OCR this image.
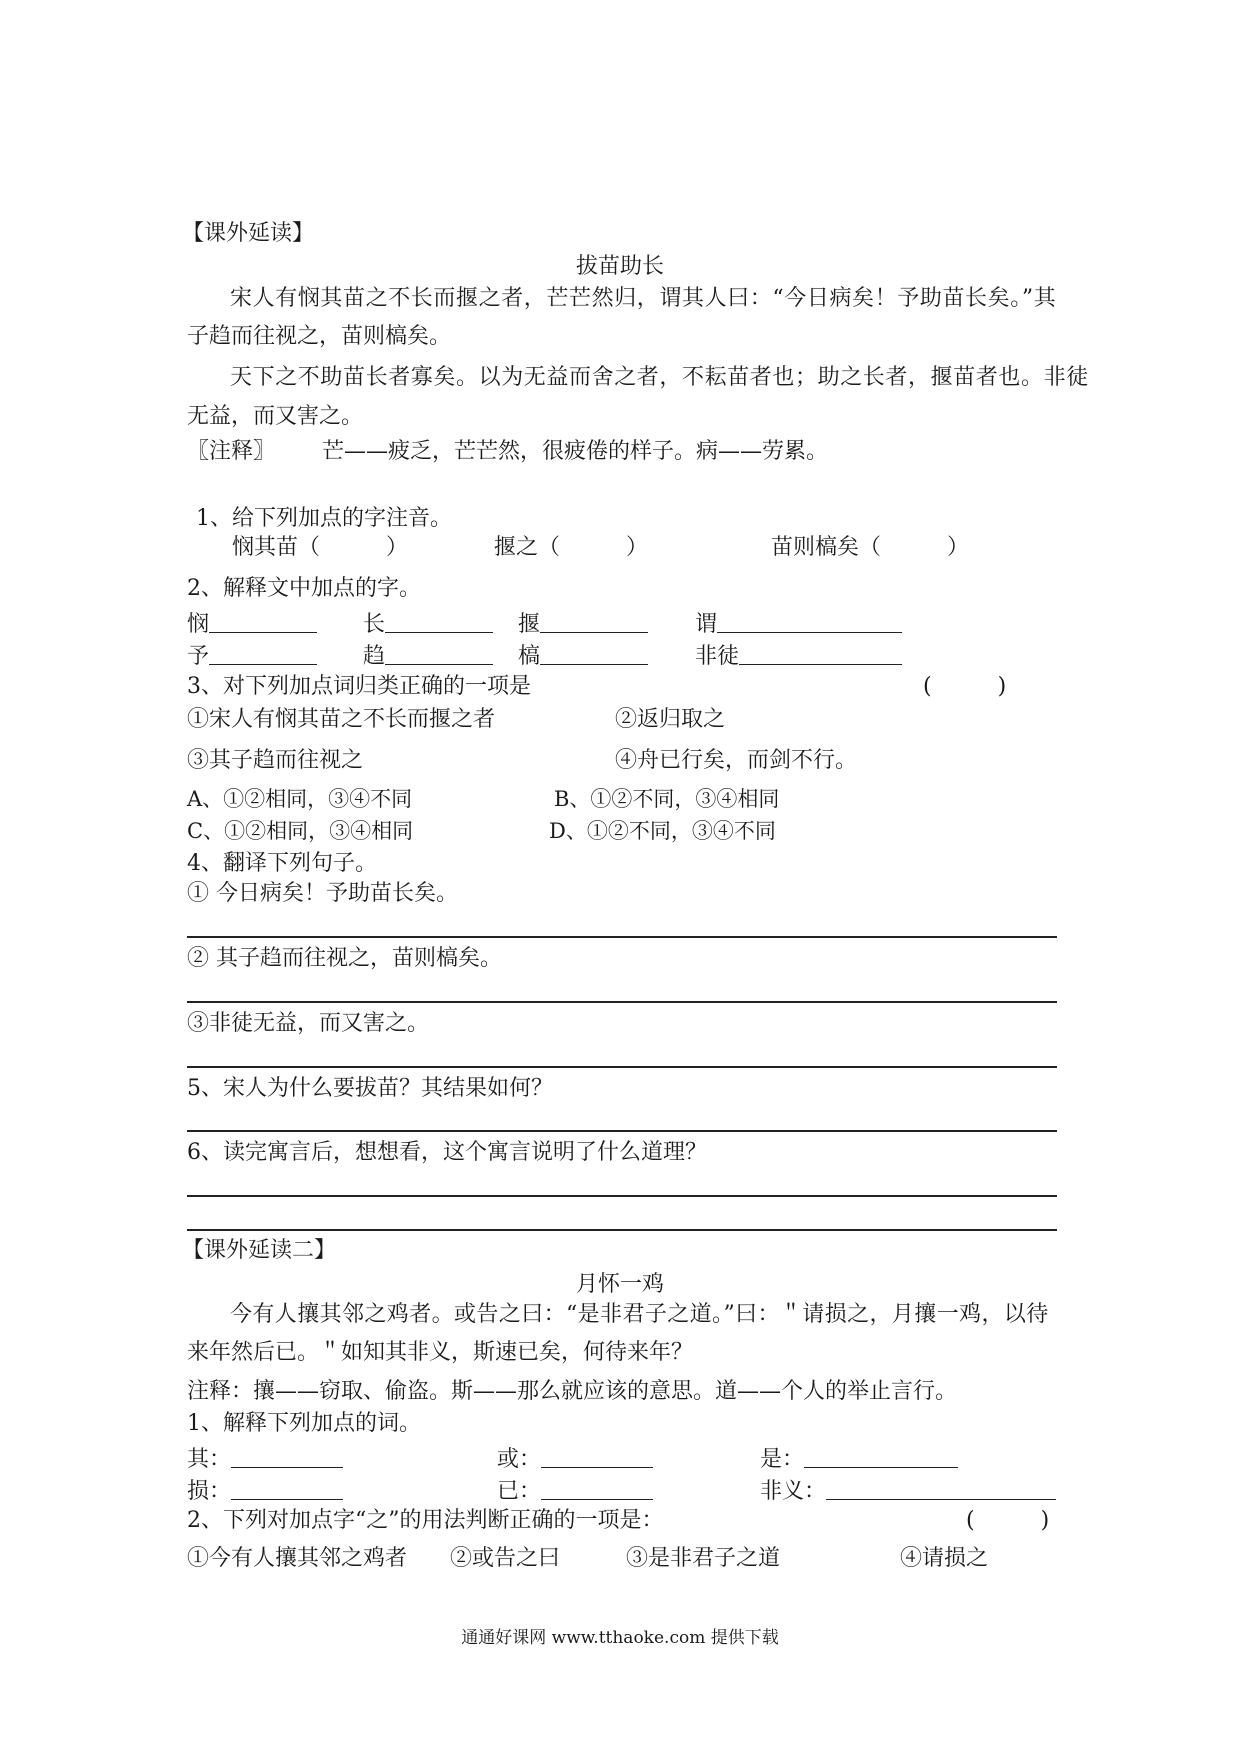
【课外延读】
拔苗助长
宋人有悯其苗之不长而揠之者，芒芒然归，谓其人曰：“今日病矣！予助苗长矣。”其
子趋而往视之，苗则槁矣。
天下之不助苗长者寡矣。以为无益而舍之者，不耘苗者也；助之长者，揠苗者也。非徒
无益，而又害之。
〖注释〗 芒——疲乏，芒芒然，很疲倦的样子。病——劳累。
1、给下列加点的字注音。
悯其苗（　　　）	揠之（　　　）	苗则槁矣（　　　）
2、解释文中加点的字。
悯	长	揠	谓
予	趋	槁	非徒
3、对下列加点词归类正确的一项是	(　　　)
①宋人有悯其苗之不长而揠之者	②返归取之
③其子趋而往视之	④舟已行矣，而剑不行。
A、①②相同，③④不同	B、①②不同，③④相同
C、①②相同，③④相同	D、①②不同，③④不同
4、翻译下列句子。
① 今日病矣！予助苗长矣。
② 其子趋而往视之，苗则槁矣。
③非徒无益，而又害之。
5、宋人为什么要拔苗？其结果如何？
6、读完寓言后，想想看，这个寓言说明了什么道理？
【课外延读二】
月怀一鸡
今有人攘其邻之鸡者。或告之曰：“是非君子之道。”曰：＂请损之，月攘一鸡，以待
来年然后已。＂如知其非义，斯速已矣，何待来年？
注释：攘——窃取、偷盗。斯——那么就应该的意思。道——个人的举止言行。
1、解释下列加点的词。
其：	或：	是：
损：	已：	非义：
2、下列对加点字“之”的用法判断正确的一项是：	(　　　)
①今有人攘其邻之鸡者 ②或告之曰	③是非君子之道	④请损之
通通好课网 www.tthaoke.com 提供下载
